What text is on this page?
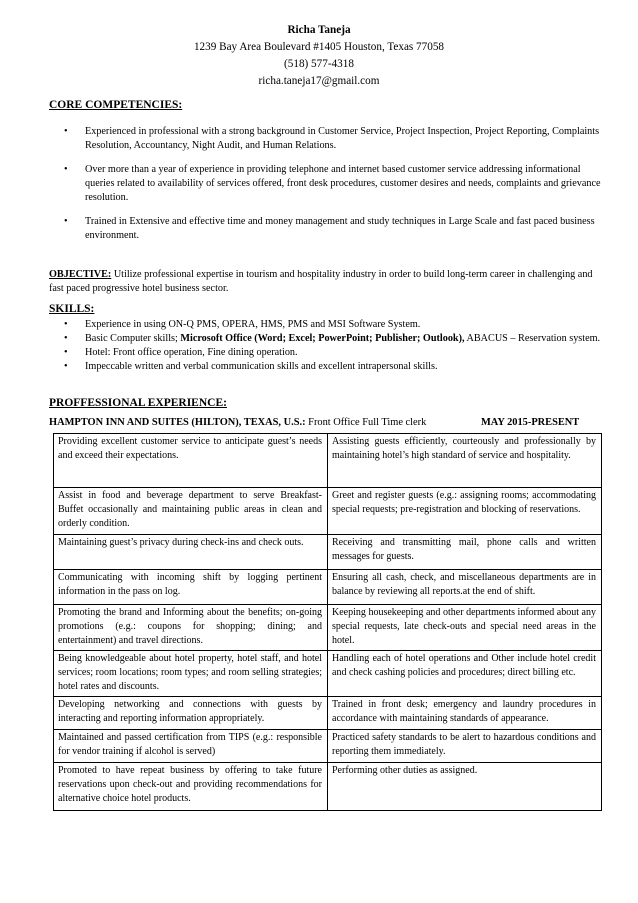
Richa Taneja
1239 Bay Area Boulevard #1405 Houston, Texas 77058
(518) 577-4318
richa.taneja17@gmail.com
CORE COMPETENCIES:
• Experienced in professional with a strong background in Customer Service, Project Inspection, Project Reporting, Complaints Resolution, Accountancy, Night Audit, and Human Relations.
• Over more than a year of experience in providing telephone and internet based customer service addressing informational queries related to availability of services offered, front desk procedures, customer desires and needs, complaints and grievance resolution.
• Trained in Extensive and effective time and money management and study techniques in Large Scale and fast paced business environment.
OBJECTIVE: Utilize professional expertise in tourism and hospitality industry in order to build long-term career in challenging and fast paced progressive hotel business sector.
SKILLS:
• Experience in using ON-Q PMS, OPERA, HMS, PMS and MSI Software System.
• Basic Computer skills; Microsoft Office (Word; Excel; PowerPoint; Publisher; Outlook), ABACUS – Reservation system.
• Hotel: Front office operation, Fine dining operation.
• Impeccable written and verbal communication skills and excellent intrapersonal skills.
PROFFESSIONAL EXPERIENCE:
HAMPTON INN AND SUITES (HILTON), TEXAS, U.S.: Front Office Full Time clerk	MAY 2015-PRESENT
Providing excellent customer service to anticipate guest’s needs and exceed their expectations.	Assisting guests efficiently, courteously and professionally by maintaining hotel’s high standard of service and hospitality.
Assist in food and beverage department to serve Breakfast- Buffet occasionally and maintaining public areas in clean and orderly condition.	Greet and register guests (e.g.: assigning rooms; accommodating special requests; pre-registration and blocking of reservations.
Maintaining guest’s privacy during check-ins and check outs.	Receiving and transmitting mail, phone calls and written messages for guests.
Communicating with incoming shift by logging pertinent information in the pass on log.	Ensuring all cash, check, and miscellaneous departments are in balance by reviewing all reports.at the end of shift.
Promoting the brand and Informing about the benefits; on-going promotions (e.g.: coupons for shopping; dining; and entertainment) and travel directions.	Keeping housekeeping and other departments informed about any special requests, late check-outs and special need areas in the hotel.
Being knowledgeable about hotel property, hotel staff, and hotel services; room locations; room types; and room selling strategies; hotel rates and discounts.	Handling each of hotel operations and Other include hotel credit and check cashing policies and procedures; direct billing etc.
Developing networking and connections with guests by interacting and reporting information appropriately.	Trained in front desk; emergency and laundry procedures in accordance with maintaining standards of appearance.
Maintained and passed certification from TIPS (e.g.: responsible for vendor training if alcohol is served)	Practiced safety standards to be alert to hazardous conditions and reporting them immediately.
Promoted to have repeat business by offering to take future reservations upon check-out and providing recommendations for alternative choice hotel products.	Performing other duties as assigned.
